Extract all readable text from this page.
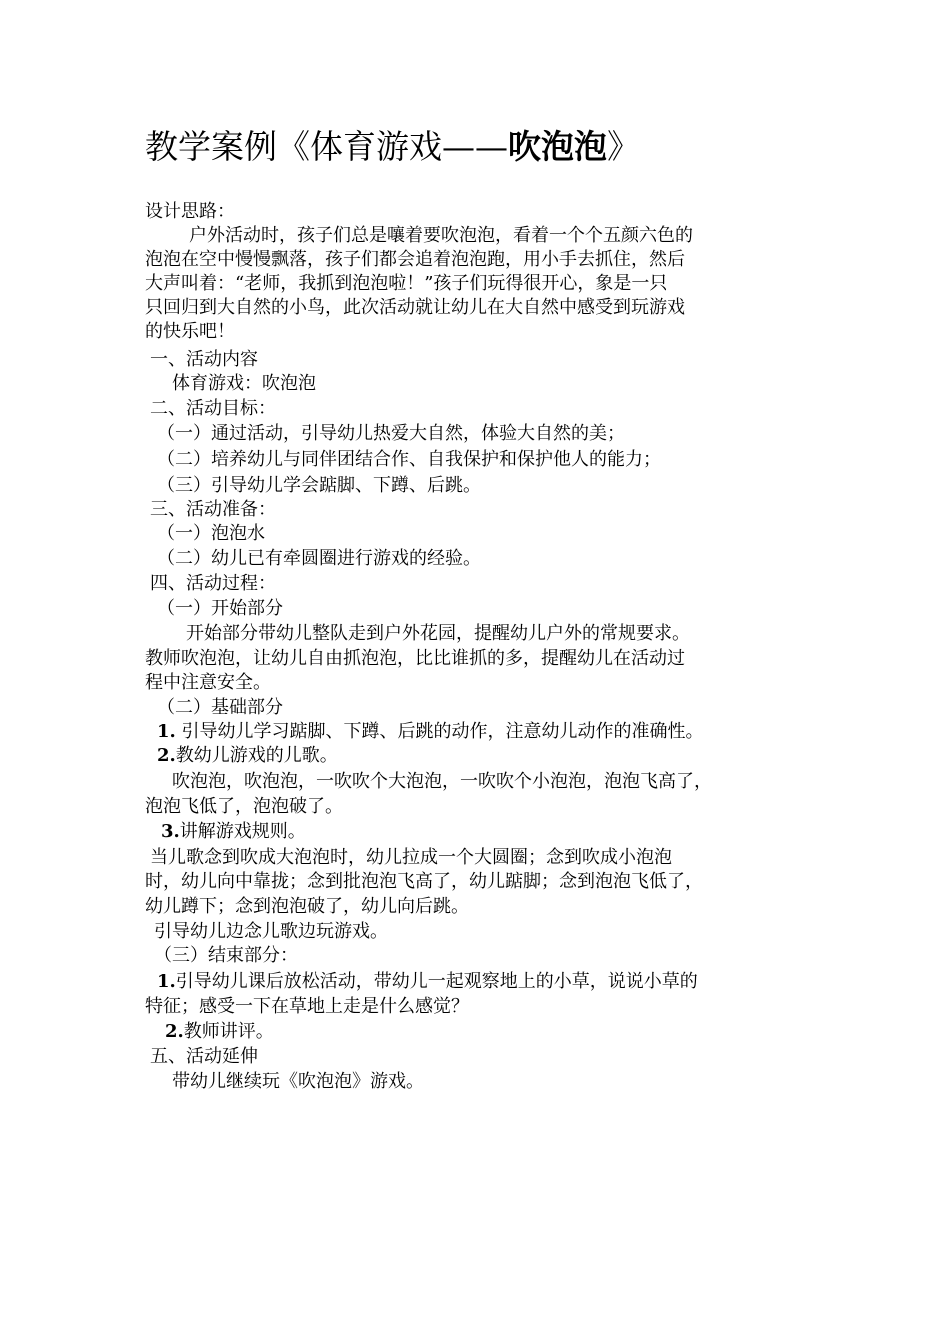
教学案例《体育游戏——吹泡泡》
设计思路：
户外活动时，孩子们总是嚷着要吹泡泡，看着一个个五颜六色的
泡泡在空中慢慢飘落，孩子们都会追着泡泡跑，用小手去抓住，然后
大声叫着：“老师，我抓到泡泡啦！”孩子们玩得很开心，象是一只
只回归到大自然的小鸟，此次活动就让幼儿在大自然中感受到玩游戏
的快乐吧！
一、活动内容
体育游戏：吹泡泡
二、活动目标：
（一）通过活动，引导幼儿热爱大自然，体验大自然的美；
（二）培养幼儿与同伴团结合作、自我保护和保护他人的能力；
（三）引导幼儿学会踮脚、下蹲、后跳。
三、活动准备：
（一）泡泡水
（二）幼儿已有牵圆圈进行游戏的经验。
四、活动过程：
（一）开始部分
开始部分带幼儿整队走到户外花园，提醒幼儿户外的常规要求。
教师吹泡泡，让幼儿自由抓泡泡，比比谁抓的多，提醒幼儿在活动过
程中注意安全。
（二）基础部分
1. 引导幼儿学习踮脚、下蹲、后跳的动作，注意幼儿动作的准确性。
2.教幼儿游戏的儿歌。
吹泡泡，吹泡泡，一吹吹个大泡泡，一吹吹个小泡泡，泡泡飞高了，
泡泡飞低了，泡泡破了。
3.讲解游戏规则。
当儿歌念到吹成大泡泡时，幼儿拉成一个大圆圈；念到吹成小泡泡
时，幼儿向中靠拢；念到批泡泡飞高了，幼儿踮脚；念到泡泡飞低了，
幼儿蹲下；念到泡泡破了，幼儿向后跳。
引导幼儿边念儿歌边玩游戏。
（三）结束部分：
1.引导幼儿课后放松活动，带幼儿一起观察地上的小草，说说小草的
特征；感受一下在草地上走是什么感觉？
2.教师讲评。
五、活动延伸
带幼儿继续玩《吹泡泡》游戏。
